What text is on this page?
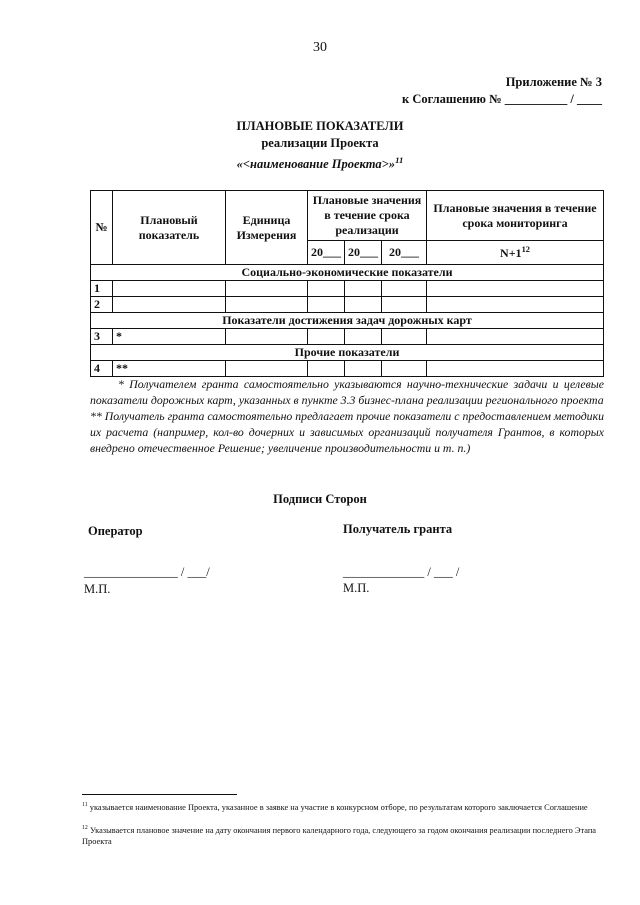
30
Приложение № 3
к Соглашению № __________ / ____
ПЛАНОВЫЕ ПОКАЗАТЕЛИ
реализации Проекта
«<наименование Проекта>»$^{11}$
№	Плановый показатель	Единица Измерения	Плановые значения в течение срока реализации			Плановые значения в течение срока мониторинга
			20___	20___	20___	$N+1^{12}$
Социально-экономические показатели						
1						
2						
Показатели достижения задач дорожных карт						
3	*					
Прочие показатели						
4	**					

* Получателем гранта самостоятельно указываются научно-технические задачи и целевые показатели дорожных карт, указанных в пункте 3.3 бизнес-плана реализации регионального проекта

** Получатель гранта самостоятельно предлагает прочие показатели с предоставлением методики их расчета (например, кол-во дочерних и зависимых организаций получателя Грантов, в которых внедрено отечественное Решение; увеличение производительности и т. п.)

Подписи Сторон
Оператор	Получатель гранта
_______________ / ___/	_____________ / ___ /
М.П.	М.П.
$^{11}$ указывается наименование Проекта, указанное в заявке на участие в конкурсном отборе, по результатам которого заключается Соглашение
$^{12}$ Указывается плановое значение на дату окончания первого календарного года, следующего за годом окончания реализации последнего Этапа Проекта
